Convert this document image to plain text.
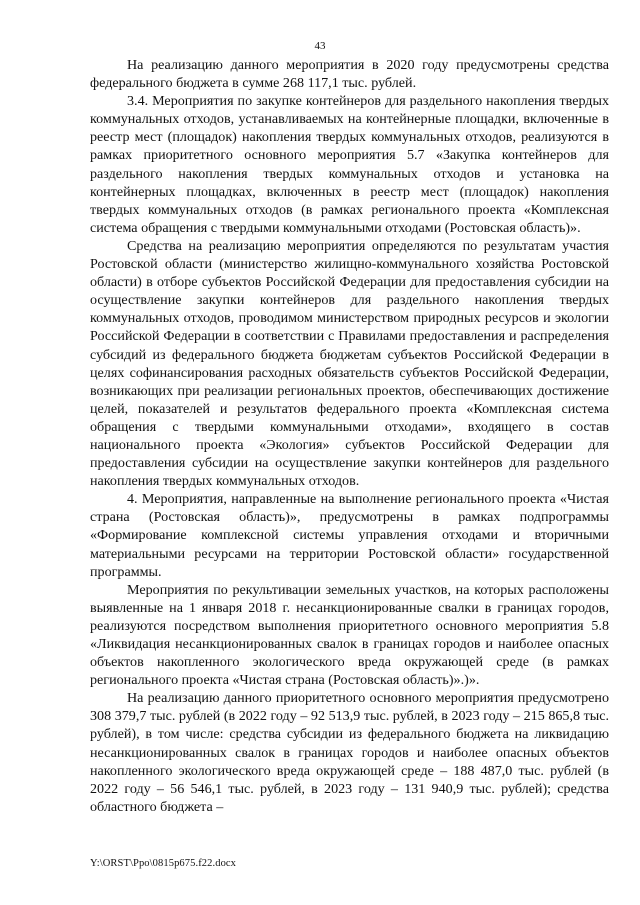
43

На реализацию данного мероприятия в 2020 году предусмотрены средства федерального бюджета в сумме 268 117,1 тыс. рублей.

3.4. Мероприятия по закупке контейнеров для раздельного накопления твердых коммунальных отходов, устанавливаемых на контейнерные площадки, включенные в реестр мест (площадок) накопления твердых коммунальных отходов, реализуются в рамках приоритетного основного мероприятия 5.7 «Закупка контейнеров для раздельного накопления твердых коммунальных отходов и установка на контейнерных площадках, включенных в реестр мест (площадок) накопления твердых коммунальных отходов (в рамках регионального проекта «Комплексная система обращения с твердыми коммунальными отходами (Ростовская область)».

Средства на реализацию мероприятия определяются по результатам участия Ростовской области (министерство жилищно-коммунального хозяйства Ростовской области) в отборе субъектов Российской Федерации для предоставления субсидии на осуществление закупки контейнеров для раздельного накопления твердых коммунальных отходов, проводимом министерством природных ресурсов и экологии Российской Федерации в соответствии с Правилами предоставления и распределения субсидий из федерального бюджета бюджетам субъектов Российской Федерации в целях софинансирования расходных обязательств субъектов Российской Федерации, возникающих при реализации региональных проектов, обеспечивающих достижение целей, показателей и результатов федерального проекта «Комплексная система обращения с твердыми коммунальными отходами», входящего в состав национального проекта «Экология» субъектов Российской Федерации для предоставления субсидии на осуществление закупки контейнеров для раздельного накопления твердых коммунальных отходов.

4. Мероприятия, направленные на выполнение регионального проекта «Чистая страна (Ростовская область)», предусмотрены в рамках подпрограммы «Формирование комплексной системы управления отходами и вторичными материальными ресурсами на территории Ростовской области» государственной программы.

Мероприятия по рекультивации земельных участков, на которых расположены выявленные на 1 января 2018 г. несанкционированные свалки в границах городов, реализуются посредством выполнения приоритетного основного мероприятия 5.8 «Ликвидация несанкционированных свалок в границах городов и наиболее опасных объектов накопленного экологического вреда окружающей среде (в рамках регионального проекта «Чистая страна (Ростовская область)».)».

На реализацию данного приоритетного основного мероприятия предусмотрено 308 379,7 тыс. рублей (в 2022 году – 92 513,9 тыс. рублей, в 2023 году – 215 865,8 тыс. рублей), в том числе: средства субсидии из федерального бюджета на ликвидацию несанкционированных свалок в границах городов и наиболее опасных объектов накопленного экологического вреда окружающей среде – 188 487,0 тыс. рублей (в 2022 году – 56 546,1 тыс. рублей, в 2023 году – 131 940,9 тыс. рублей); средства областного бюджета –

Y:\ORST\Ppo\0815p675.f22.docx
